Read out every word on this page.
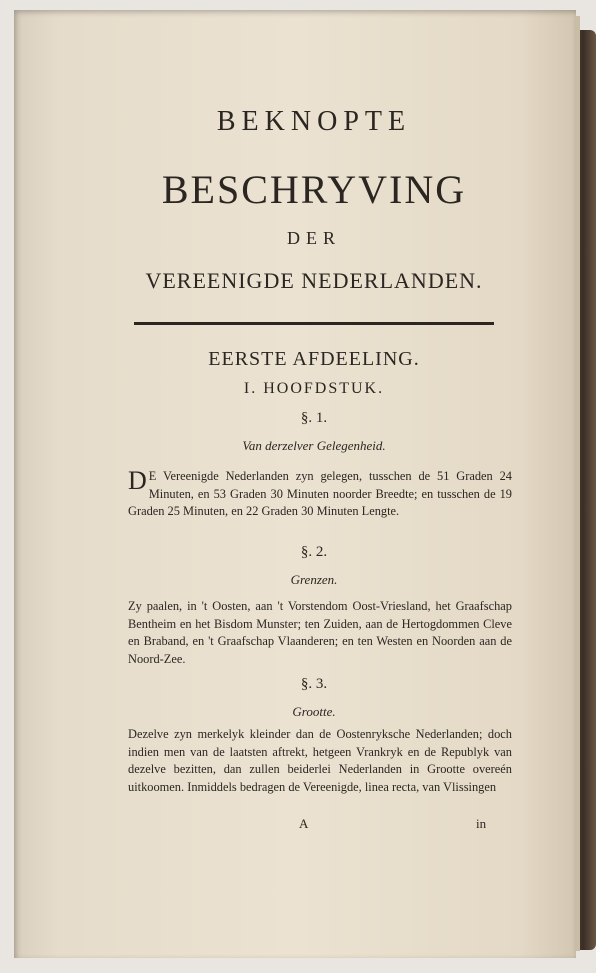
BEKNOPTE
BESCHRYVING
DER
VEREENIGDE NEDERLANDEN.
EERSTE AFDEELING.
I. HOOFDSTUK.
§. 1.
Van derzelver Gelegenheid.
D E Vereenigde Nederlanden zyn gelegen, tusschen de 51 Graden 24 Minuten, en 53 Graden 30 Minuten noorder Breedte; en tusschen de 19 Graden 25 Minuten, en 22 Graden 30 Minuten Lengte.
§. 2.
Grenzen.
Zy paalen, in 't Oosten, aan 't Vorstendom Oost-Vriesland, het Graafschap Bentheim en het Bisdom Munster; ten Zuiden, aan de Hertogdommen Cleve en Braband, en 't Graafschap Vlaanderen; en ten Westen en Noorden aan de Noord-Zee.
§. 3.
Grootte.
Dezelve zyn merkelyk kleinder dan de Oostenryksche Nederlanden; doch indien men van de laatsten aftrekt, hetgeen Vrankryk en de Republyk van dezelve bezitten, dan zullen beiderlei Nederlanden in Grootte overeén uitkoomen. Inmiddels bedragen de Vereenigde, linea recta, van Vlissingen
A	in
